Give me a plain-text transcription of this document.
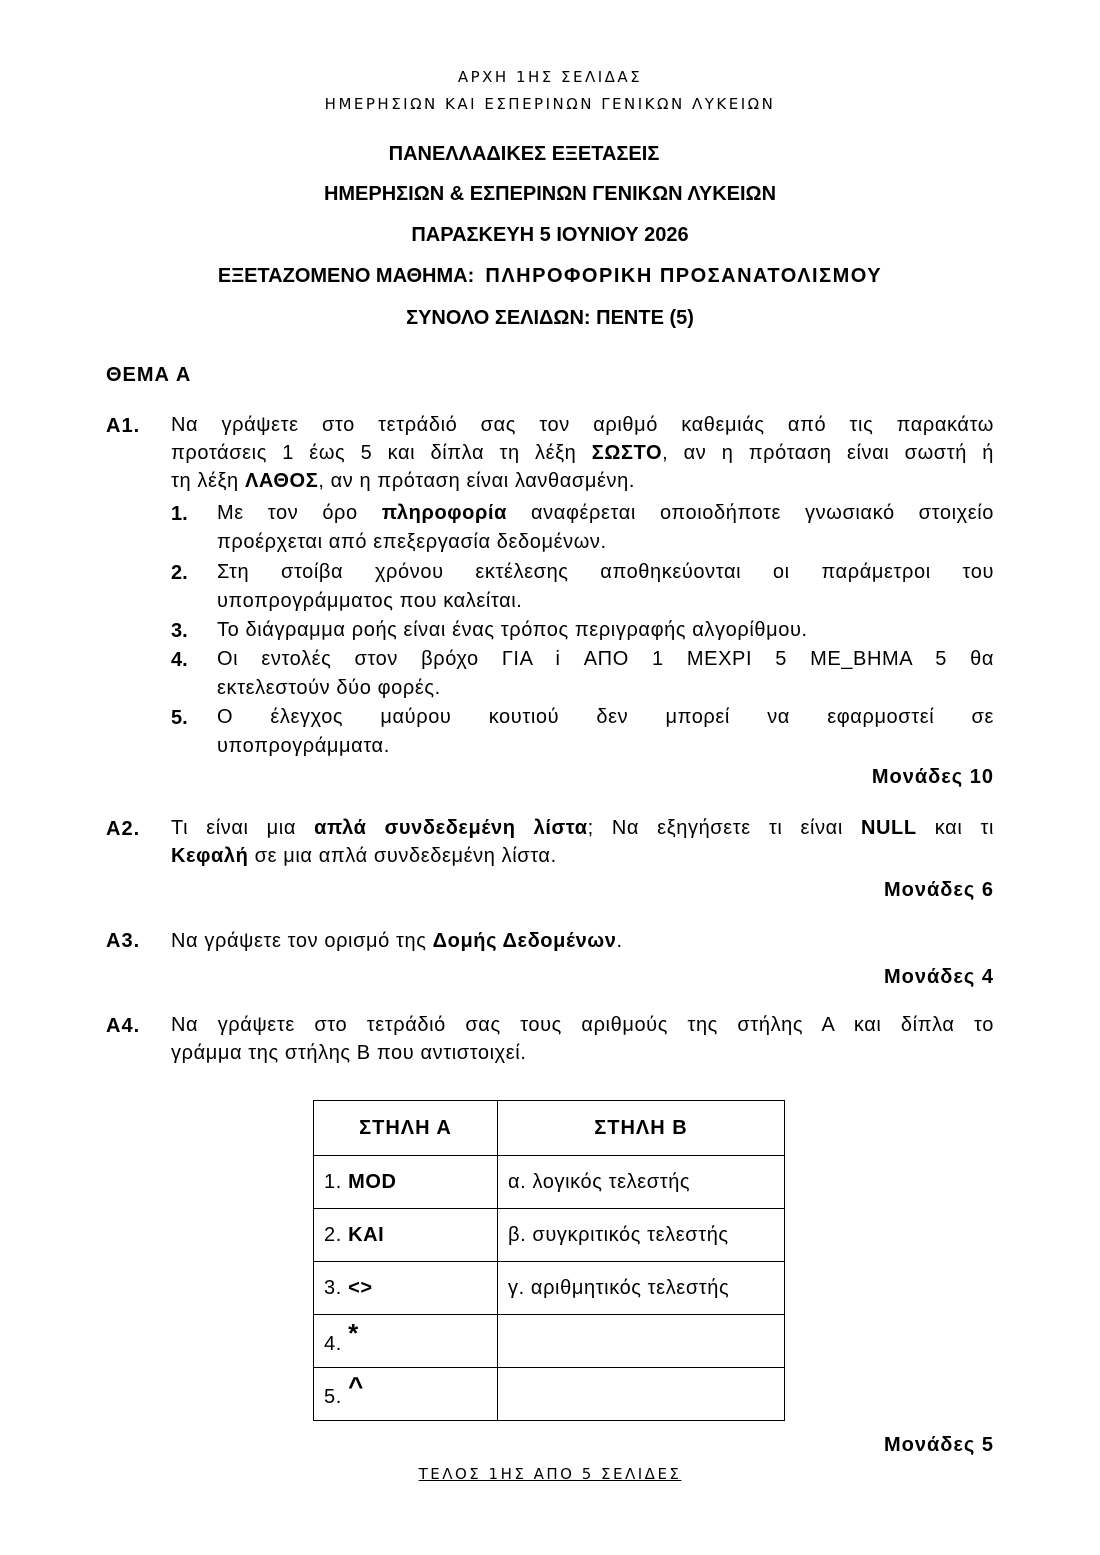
ΑΡΧΗ 1ΗΣ ΣΕΛΙΔΑΣ
ΗΜΕΡΗΣΙΩΝ ΚΑΙ ΕΣΠΕΡΙΝΩΝ ΓΕΝΙΚΩΝ ΛΥΚΕΙΩΝ
ΠΑΝΕΛΛΑΔΙΚΕΣ ΕΞΕΤΑΣΕΙΣ
ΗΜΕΡΗΣΙΩΝ & ΕΣΠΕΡΙΝΩΝ ΓΕΝΙΚΩΝ ΛΥΚΕΙΩΝ
ΠΑΡΑΣΚΕΥΗ 5 ΙΟΥΝΙΟΥ 2026
ΕΞΕΤΑΖΟΜΕΝΟ ΜΑΘΗΜΑ: ΠΛΗΡΟΦΟΡΙΚΗ ΠΡΟΣΑΝΑΤΟΛΙΣΜΟΥ
ΣΥΝΟΛΟ ΣΕΛΙΔΩΝ: ΠΕΝΤΕ (5)
ΘΕΜΑ Α
Α1. Να γράψετε στο τετράδιό σας τον αριθμό καθεμιάς από τις παρακάτω
προτάσεις 1 έως 5 και δίπλα τη λέξη ΣΩΣΤΟ, αν η πρόταση είναι σωστή ή
τη λέξη ΛΑΘΟΣ, αν η πρόταση είναι λανθασμένη.
1. Με τον όρο πληροφορία αναφέρεται οποιοδήποτε γνωσιακό στοιχείο
προέρχεται από επεξεργασία δεδομένων.
2. Στη στοίβα χρόνου εκτέλεσης αποθηκεύονται οι παράμετροι του
υποπρογράμματος που καλείται.
3. Το διάγραμμα ροής είναι ένας τρόπος περιγραφής αλγορίθμου.
4. Οι εντολές στον βρόχο ΓΙΑ i ΑΠΟ 1 ΜΕΧΡΙ 5 ΜΕ_ΒΗΜΑ 5 θα
εκτελεστούν δύο φορές.
5. Ο έλεγχος μαύρου κουτιού δεν μπορεί να εφαρμοστεί σε
υποπρογράμματα.
Μονάδες 10
Α2. Τι είναι μια απλά συνδεδεμένη λίστα; Να εξηγήσετε τι είναι NULL και τι
Κεφαλή σε μια απλά συνδεδεμένη λίστα.
Μονάδες 6
Α3. Να γράψετε τον ορισμό της Δομής Δεδομένων.
Μονάδες 4
Α4. Να γράψετε στο τετράδιό σας τους αριθμούς της στήλης Α και δίπλα το
γράμμα της στήλης Β που αντιστοιχεί.
ΣΤΗΛΗ Α	ΣΤΗΛΗ Β
1. MOD	α. λογικός τελεστής
2. ΚΑΙ	β. συγκριτικός τελεστής
3. <>	γ. αριθμητικός τελεστής
4. *	
5. ^	
Μονάδες 5
ΤΕΛΟΣ 1ΗΣ ΑΠΟ 5 ΣΕΛΙΔΕΣ
